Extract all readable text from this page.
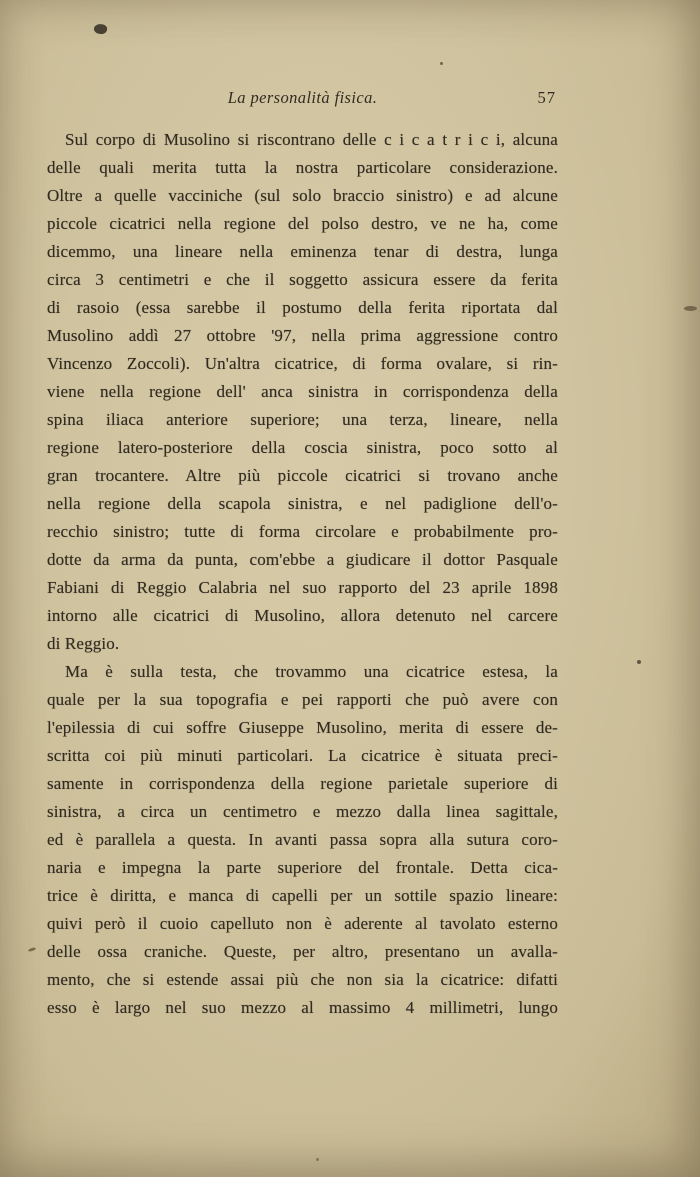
La personalità fisica.	57
Sul corpo di Musolino si riscontrano delle c i c a t r i c i, alcuna
delle quali merita tutta la nostra particolare considerazione.
Oltre a quelle vacciniche (sul solo braccio sinistro) e ad alcune
piccole cicatrici nella regione del polso destro, ve ne ha, come
dicemmo, una lineare nella eminenza tenar di destra, lunga
circa 3 centimetri e che il soggetto assicura essere da ferita
di rasoio (essa sarebbe il postumo della ferita riportata dal
Musolino addì 27 ottobre '97, nella prima aggressione contro
Vincenzo Zoccoli). Un'altra cicatrice, di forma ovalare, si rin-
viene nella regione dell' anca sinistra in corrispondenza della
spina iliaca anteriore superiore; una terza, lineare, nella
regione latero-posteriore della coscia sinistra, poco sotto al
gran trocantere. Altre più piccole cicatrici si trovano anche
nella regione della scapola sinistra, e nel padiglione dell'o-
recchio sinistro; tutte di forma circolare e probabilmente pro-
dotte da arma da punta, com'ebbe a giudicare il dottor Pasquale
Fabiani di Reggio Calabria nel suo rapporto del 23 aprile 1898
intorno alle cicatrici di Musolino, allora detenuto nel carcere
di Reggio.
Ma è sulla testa, che trovammo una cicatrice estesa, la
quale per la sua topografia e pei rapporti che può avere con
l'epilessia di cui soffre Giuseppe Musolino, merita di essere de-
scritta coi più minuti particolari. La cicatrice è situata preci-
samente in corrispondenza della regione parietale superiore di
sinistra, a circa un centimetro e mezzo dalla linea sagittale,
ed è parallela a questa. In avanti passa sopra alla sutura coro-
naria e impegna la parte superiore del frontale. Detta cica-
trice è diritta, e manca di capelli per un sottile spazio lineare:
quivi però il cuoio capelluto non è aderente al tavolato esterno
delle ossa craniche. Queste, per altro, presentano un avalla-
mento, che si estende assai più che non sia la cicatrice: difatti
esso è largo nel suo mezzo al massimo 4 millimetri, lungo
